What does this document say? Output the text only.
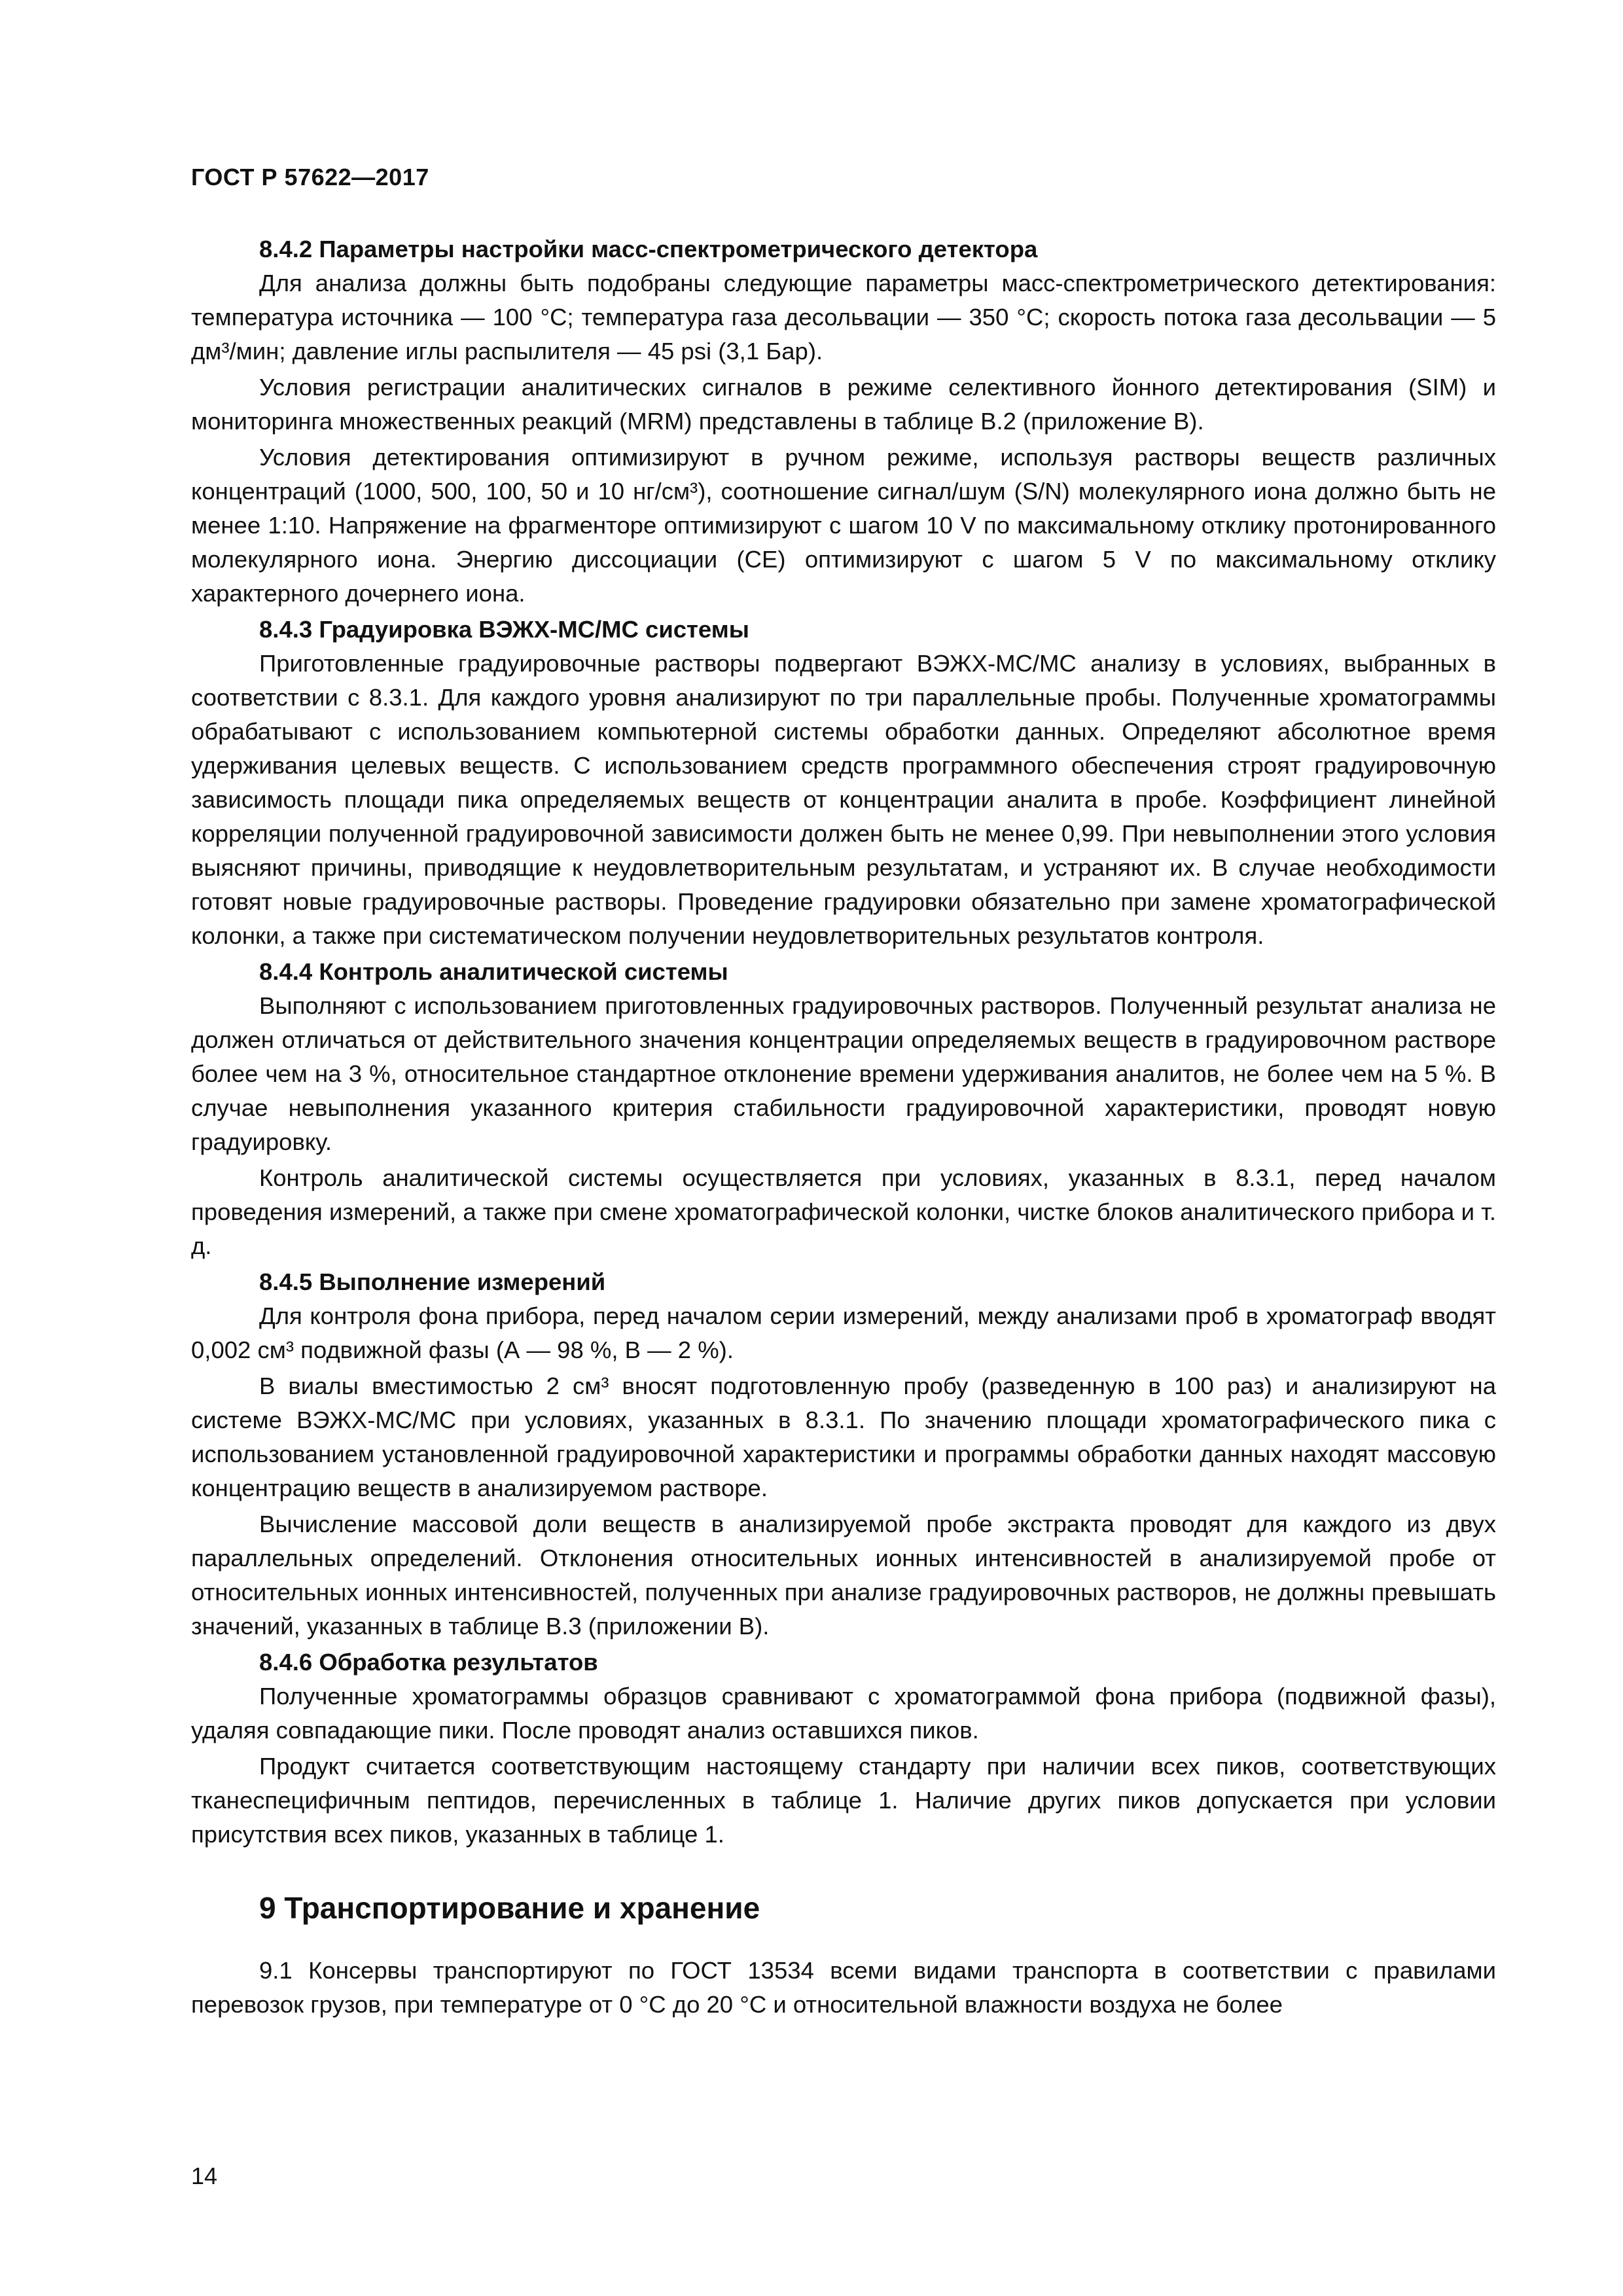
ГОСТ Р 57622—2017
8.4.2 Параметры настройки масс-спектрометрического детектора
Для анализа должны быть подобраны следующие параметры масс-спектрометрического детектирования: температура источника — 100 °С; температура газа десольвации — 350 °С; скорость потока газа десольвации — 5 дм³/мин; давление иглы распылителя — 45 psi (3,1 Бар).
Условия регистрации аналитических сигналов в режиме селективного йонного детектирования (SIM) и мониторинга множественных реакций (MRM) представлены в таблице В.2 (приложение В).
Условия детектирования оптимизируют в ручном режиме, используя растворы веществ различных концентраций (1000, 500, 100, 50 и 10 нг/см³), соотношение сигнал/шум (S/N) молекулярного иона должно быть не менее 1:10. Напряжение на фрагменторе оптимизируют с шагом 10 V по максимальному отклику протонированного молекулярного иона. Энергию диссоциации (СЕ) оптимизируют с шагом 5 V по максимальному отклику характерного дочернего иона.
8.4.3 Градуировка ВЭЖХ-МС/МС системы
Приготовленные градуировочные растворы подвергают ВЭЖХ-МС/МС анализу в условиях, выбранных в соответствии с 8.3.1. Для каждого уровня анализируют по три параллельные пробы. Полученные хроматограммы обрабатывают с использованием компьютерной системы обработки данных. Определяют абсолютное время удерживания целевых веществ. С использованием средств программного обеспечения строят градуировочную зависимость площади пика определяемых веществ от концентрации аналита в пробе. Коэффициент линейной корреляции полученной градуировочной зависимости должен быть не менее 0,99. При невыполнении этого условия выясняют причины, приводящие к неудовлетворительным результатам, и устраняют их. В случае необходимости готовят новые градуировочные растворы. Проведение градуировки обязательно при замене хроматографической колонки, а также при систематическом получении неудовлетворительных результатов контроля.
8.4.4 Контроль аналитической системы
Выполняют с использованием приготовленных градуировочных растворов. Полученный результат анализа не должен отличаться от действительного значения концентрации определяемых веществ в градуировочном растворе более чем на 3 %, относительное стандартное отклонение времени удерживания аналитов, не более чем на 5 %. В случае невыполнения указанного критерия стабильности градуировочной характеристики, проводят новую градуировку.
Контроль аналитической системы осуществляется при условиях, указанных в 8.3.1, перед началом проведения измерений, а также при смене хроматографической колонки, чистке блоков аналитического прибора и т. д.
8.4.5 Выполнение измерений
Для контроля фона прибора, перед началом серии измерений, между анализами проб в хроматограф вводят 0,002 см³ подвижной фазы (А — 98 %, В — 2 %).
В виалы вместимостью 2 см³ вносят подготовленную пробу (разведенную в 100 раз) и анализируют на системе ВЭЖХ-МС/МС при условиях, указанных в 8.3.1. По значению площади хроматографического пика с использованием установленной градуировочной характеристики и программы обработки данных находят массовую концентрацию веществ в анализируемом растворе.
Вычисление массовой доли веществ в анализируемой пробе экстракта проводят для каждого из двух параллельных определений. Отклонения относительных ионных интенсивностей в анализируемой пробе от относительных ионных интенсивностей, полученных при анализе градуировочных растворов, не должны превышать значений, указанных в таблице В.3 (приложении В).
8.4.6 Обработка результатов
Полученные хроматограммы образцов сравнивают с хроматограммой фона прибора (подвижной фазы), удаляя совпадающие пики. После проводят анализ оставшихся пиков.
Продукт считается соответствующим настоящему стандарту при наличии всех пиков, соответствующих тканеспецифичным пептидов, перечисленных в таблице 1. Наличие других пиков допускается при условии присутствия всех пиков, указанных в таблице 1.
9 Транспортирование и хранение
9.1 Консервы транспортируют по ГОСТ 13534 всеми видами транспорта в соответствии с правилами перевозок грузов, при температуре от 0 °С до 20 °С и относительной влажности воздуха не более
14
